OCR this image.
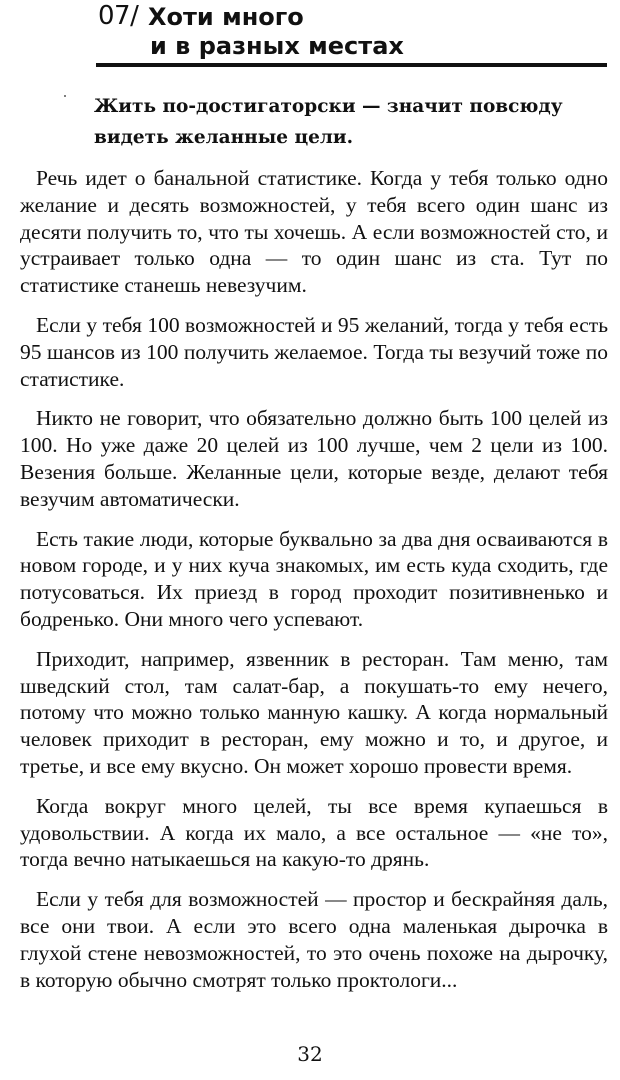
07/ Хоти много
и в разных местах

Жить по-достигаторски — значит повсюду видеть желанные цели.

Речь идет о банальной статистике. Когда у тебя только одно желание и десять возможностей, у тебя всего один шанс из десяти получить то, что ты хочешь. А если возможностей сто, и устраивает только одна — то один шанс из ста. Тут по статистике станешь невезучим.

Если у тебя 100 возможностей и 95 желаний, тогда у тебя есть 95 шансов из 100 получить желаемое. Тогда ты везучий тоже по статистике.

Никто не говорит, что обязательно должно быть 100 целей из 100. Но уже даже 20 целей из 100 лучше, чем 2 цели из 100. Везения больше. Желанные цели, которые везде, делают тебя везучим автоматически.

Есть такие люди, которые буквально за два дня осваиваются в новом городе, и у них куча знакомых, им есть куда сходить, где потусоваться. Их приезд в город проходит позитивненько и бодренько. Они много чего успевают.

Приходит, например, язвенник в ресторан. Там меню, там шведский стол, там салат-бар, а покушать-то ему нечего, потому что можно только манную кашку. А когда нормальный человек приходит в ресторан, ему можно и то, и другое, и третье, и все ему вкусно. Он может хорошо провести время.

Когда вокруг много целей, ты все время купаешься в удовольствии. А когда их мало, а все остальное — «не то», тогда вечно натыкаешься на какую-то дрянь.

Если у тебя для возможностей — простор и бескрайняя даль, все они твои. А если это всего одна маленькая дырочка в глухой стене невозможностей, то это очень похоже на дырочку, в которую обычно смотрят только проктологи...

32
